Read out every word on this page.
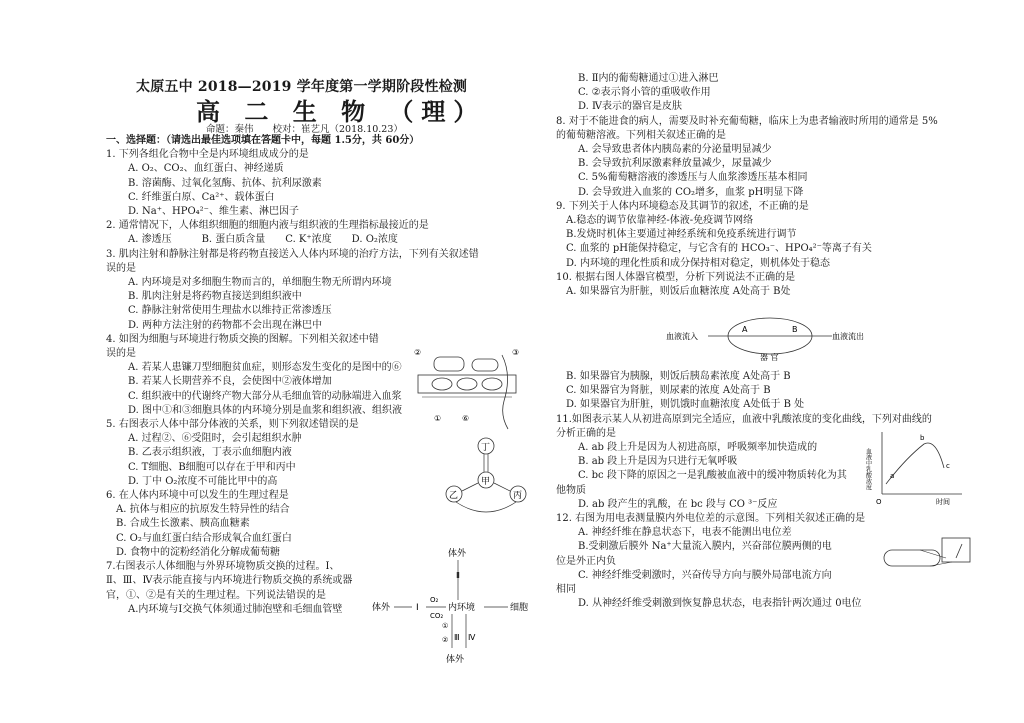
太原五中 2018—2019 学年度第一学期阶段性检测
高 二 生 物 （理）
命题：秦伟　　校对：崔艺凡（2018.10.23）
一、选择题：（请选出最佳选项填在答题卡中，每题 1.5分，共 60分）
1. 下列各组化合物中全是内环境组成成分的是
A. O₂、CO₂、血红蛋白、神经递质
B. 溶菌酶、过氧化氢酶、抗体、抗利尿激素
C. 纤维蛋白原、Ca²⁺、载体蛋白
D. Na⁺、HPO₄²⁻、维生素、淋巴因子
2. 通常情况下，人体组织细胞的细胞内液与组织液的生理指标最接近的是
A. 渗透压　　　B. 蛋白质含量　　C. K⁺浓度　　D. O₂浓度
3. 肌肉注射和静脉注射都是将药物直接送入人体内环境的治疗方法，下列有关叙述错
误的是
A. 内环境是对多细胞生物而言的，单细胞生物无所谓内环境
B. 肌肉注射是将药物直接送到组织液中
C. 静脉注射常使用生理盐水以维持正常渗透压
D. 两种方法注射的药物都不会出现在淋巴中
4. 如图为细胞与环境进行物质交换的图解。下列相关叙述中错
误的是
A. 若某人患镰刀型细胞贫血症，则形态发生变化的是图中的⑥
B. 若某人长期营养不良，会使图中②液体增加
C. 组织液中的代谢终产物大部分从毛细血管的动脉端进入血浆
D. 图中①和③细胞具体的内环境分别是血浆和组织液、组织液
5. 右图表示人体中部分体液的关系，则下列叙述错误的是
A. 过程②、⑥受阻时，会引起组织水肿
B. 乙表示组织液，丁表示血细胞内液
C. T细胞、B细胞可以存在于甲和丙中
D. 丁中 O₂浓度不可能比甲中的高
6. 在人体内环境中可以发生的生理过程是
A. 抗体与相应的抗原发生特异性的结合
B. 合成生长激素、胰高血糖素
C. O₂与血红蛋白结合形成氧合血红蛋白
D. 食物中的淀粉经消化分解成葡萄糖
7.右图表示人体细胞与外界环境物质交换的过程。Ⅰ、
Ⅱ、Ⅲ、Ⅳ表示能直接与内环境进行物质交换的系统或器
官，①、②是有关的生理过程。下列说法错误的是
A.内环境与Ⅰ交换气体须通过肺泡壁和毛细血管壁
B. Ⅱ内的葡萄糖通过①进入淋巴
C. ②表示肾小管的重吸收作用
D. Ⅳ表示的器官是皮肤
8. 对于不能进食的病人，需要及时补充葡萄糖，临床上为患者输液时所用的通常是 5%
的葡萄糖溶液。下列相关叙述正确的是
A. 会导致患者体内胰岛素的分泌量明显减少
B. 会导致抗利尿激素释放量减少，尿量减少
C. 5%葡萄糖溶液的渗透压与人血浆渗透压基本相同
D. 会导致进入血浆的 CO₂增多，血浆 pH明显下降
9. 下列关于人体内环境稳态及其调节的叙述，不正确的是
A.稳态的调节依靠神经-体液-免疫调节网络
B.发烧时机体主要通过神经系统和免疫系统进行调节
C. 血浆的 pH能保持稳定，与它含有的 HCO₃⁻、HPO₄²⁻等离子有关
D. 内环境的理化性质和成分保持相对稳定，则机体处于稳态
10. 根据右图人体器官模型，分析下列说法不正确的是
A. 如果器官为肝脏，则饭后血糖浓度 A处高于 B处
B. 如果器官为胰腺，则饭后胰岛素浓度 A处高于 B
C. 如果器官为肾脏，则尿素的浓度 A处高于 B
D. 如果器官为肝脏，则饥饿时血糖浓度 A处低于 B 处
11.如图表示某人从初进高原到完全适应，血液中乳酸浓度的变化曲线，下列对曲线的
分析正确的是
A. ab 段上升是因为人初进高原，呼吸频率加快造成的
B. ab 段上升是因为只进行无氧呼吸
C. bc 段下降的原因之一是乳酸被血液中的缓冲物质转化为其
他物质
D. ab 段产生的乳酸，在 bc 段与 CO ³⁻反应
12. 右图为用电表测量膜内外电位差的示意图。下列相关叙述正确的是
A. 神经纤维在静息状态下，电表不能测出电位差
B.受刺激后膜外 Na⁺大量流入膜内，兴奋部位膜两侧的电
位是外正内负
C. 神经纤维受刺激时，兴奋传导方向与膜外局部电流方向
相同
D. 从神经纤维受刺激到恢复静息状态，电表指针两次通过 0电位
①	⑥
③
②
丁
甲
乙	丙
体外
Ⅱ
体外	Ⅰ
O₂
CO₂
内环境	细胞
①
② Ⅲ Ⅳ
体外
血液流入
A	B
器 官
血液流出
血液中乳酸浓度	a
b
c
O	时间
